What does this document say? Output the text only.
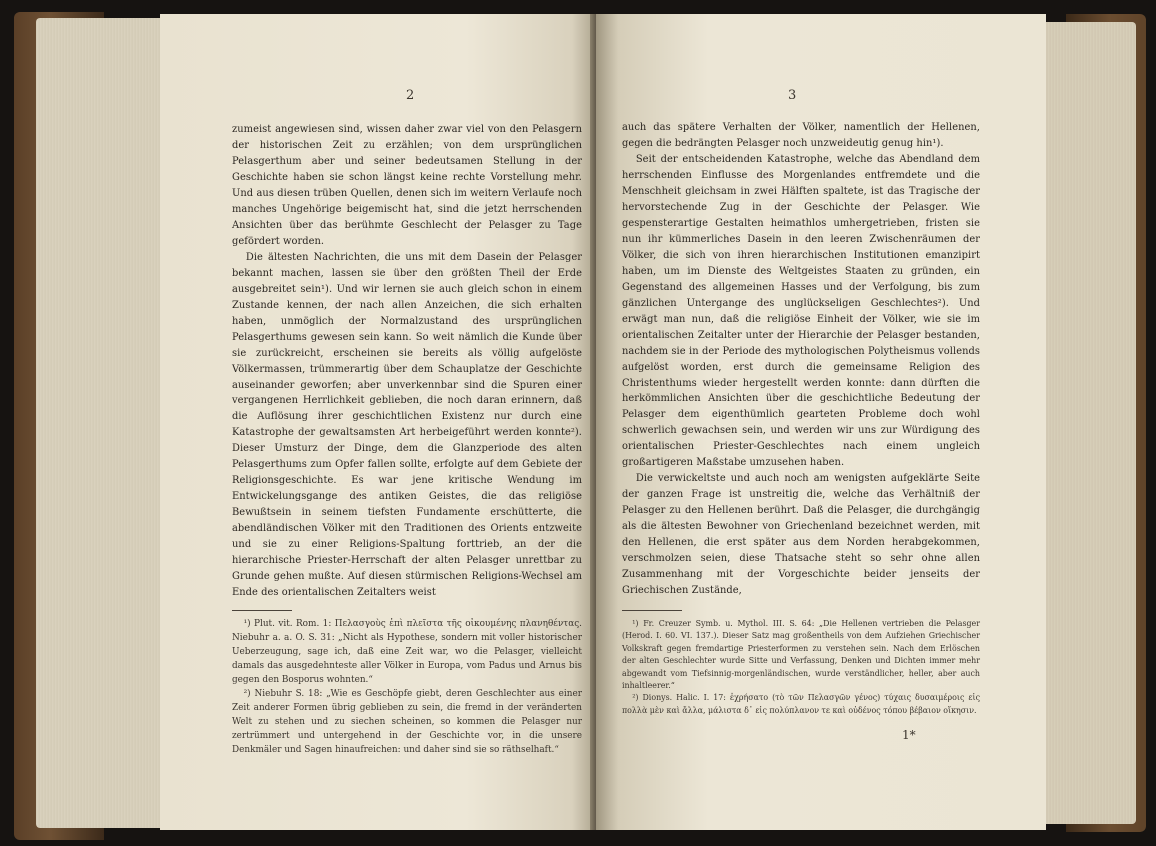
2

zumeist angewiesen sind, wissen daher zwar viel von den Pelasgern der historischen Zeit zu erzählen; von dem ursprünglichen Pelasgerthum aber und seiner bedeutsamen Stellung in der Geschichte haben sie schon längst keine rechte Vorstellung mehr. Und aus diesen trüben Quellen, denen sich im weitern Verlaufe noch manches Ungehörige beigemischt hat, sind die jetzt herrschenden Ansichten über das berühmte Geschlecht der Pelasger zu Tage gefördert worden.

Die ältesten Nachrichten, die uns mit dem Dasein der Pelasger bekannt machen, lassen sie über den größten Theil der Erde ausgebreitet sein¹). Und wir lernen sie auch gleich schon in einem Zustande kennen, der nach allen Anzeichen, die sich erhalten haben, unmöglich der Normalzustand des ursprünglichen Pelasgerthums gewesen sein kann. So weit nämlich die Kunde über sie zurückreicht, erscheinen sie bereits als völlig aufgelöste Völkermassen, trümmerartig über dem Schauplatze der Geschichte auseinander geworfen; aber unverkennbar sind die Spuren einer vergangenen Herrlichkeit geblieben, die noch daran erinnern, daß die Auflösung ihrer geschichtlichen Existenz nur durch eine Katastrophe der gewaltsamsten Art herbeigeführt werden konnte²). Dieser Umsturz der Dinge, dem die Glanzperiode des alten Pelasgerthums zum Opfer fallen sollte, erfolgte auf dem Gebiete der Religionsgeschichte. Es war jene kritische Wendung im Entwickelungsgange des antiken Geistes, die das religiöse Bewußtsein in seinem tiefsten Fundamente erschütterte, die abendländischen Völker mit den Traditionen des Orients entzweite und sie zu einer Religions-Spaltung forttrieb, an der die hierarchische Priester-Herrschaft der alten Pelasger unrettbar zu Grunde gehen mußte. Auf diesen stürmischen Religions-Wechsel am Ende des orientalischen Zeitalters weist

¹) Plut. vit. Rom. 1: Πελασγοὺς ἐπὶ πλεῖστα τῆς οἰκουμένης πλανηθέντας. Niebuhr a. a. O. S. 31: „Nicht als Hypothese, sondern mit voller historischer Ueberzeugung, sage ich, daß eine Zeit war, wo die Pelasger, vielleicht damals das ausgedehnteste aller Völker in Europa, vom Padus und Arnus bis gegen den Bosporus wohnten.“

²) Niebuhr S. 18: „Wie es Geschöpfe giebt, deren Geschlechter aus einer Zeit anderer Formen übrig geblieben zu sein, die fremd in der veränderten Welt zu stehen und zu siechen scheinen, so kommen die Pelasger nur zertrümmert und untergehend in der Geschichte vor, in die unsere Denkmäler und Sagen hinaufreichen: und daher sind sie so räthselhaft.“

3

auch das spätere Verhalten der Völker, namentlich der Hellenen, gegen die bedrängten Pelasger noch unzweideutig genug hin¹).

Seit der entscheidenden Katastrophe, welche das Abendland dem herrschenden Einflusse des Morgenlandes entfremdete und die Menschheit gleichsam in zwei Hälften spaltete, ist das Tragische der hervorstechende Zug in der Geschichte der Pelasger. Wie gespensterartige Gestalten heimathlos umhergetrieben, fristen sie nun ihr kümmerliches Dasein in den leeren Zwischenräumen der Völker, die sich von ihren hierarchischen Institutionen emanzipirt haben, um im Dienste des Weltgeistes Staaten zu gründen, ein Gegenstand des allgemeinen Hasses und der Verfolgung, bis zum gänzlichen Untergange des unglückseligen Geschlechtes²). Und erwägt man nun, daß die religiöse Einheit der Völker, wie sie im orientalischen Zeitalter unter der Hierarchie der Pelasger bestanden, nachdem sie in der Periode des mythologischen Polytheismus vollends aufgelöst worden, erst durch die gemeinsame Religion des Christenthums wieder hergestellt werden konnte: dann dürften die herkömmlichen Ansichten über die geschichtliche Bedeutung der Pelasger dem eigenthümlich gearteten Probleme doch wohl schwerlich gewachsen sein, und werden wir uns zur Würdigung des orientalischen Priester-Geschlechtes nach einem ungleich großartigeren Maßstabe umzusehen haben.

Die verwickeltste und auch noch am wenigsten aufgeklärte Seite der ganzen Frage ist unstreitig die, welche das Verhältniß der Pelasger zu den Hellenen berührt. Daß die Pelasger, die durchgängig als die ältesten Bewohner von Griechenland bezeichnet werden, mit den Hellenen, die erst später aus dem Norden herabgekommen, verschmolzen seien, diese Thatsache steht so sehr ohne allen Zusammenhang mit der Vorgeschichte beider jenseits der Griechischen Zustände,

¹) Fr. Creuzer Symb. u. Mythol. III. S. 64: „Die Hellenen vertrieben die Pelasger (Herod. I. 60. VI. 137.). Dieser Satz mag großentheils von dem Aufziehen Griechischer Volkskraft gegen fremdartige Priesterformen zu verstehen sein. Nach dem Erlöschen der alten Geschlechter wurde Sitte und Verfassung, Denken und Dichten immer mehr abgewandt vom Tiefsinnig-morgenländischen, wurde verständlicher, heller, aber auch inhaltleerer.“

²) Dionys. Halic. I. 17: ἐχρήσατο (τὸ τῶν Πελασγῶν γένος) τύχαις δυσαιμέροις εἰς πολλὰ μὲν καὶ ἄλλα, μάλιστα δ᾽ εἰς πολύπλανον τε καὶ οὐδένος τόπου βέβαιον οἴκησιν.

1*
